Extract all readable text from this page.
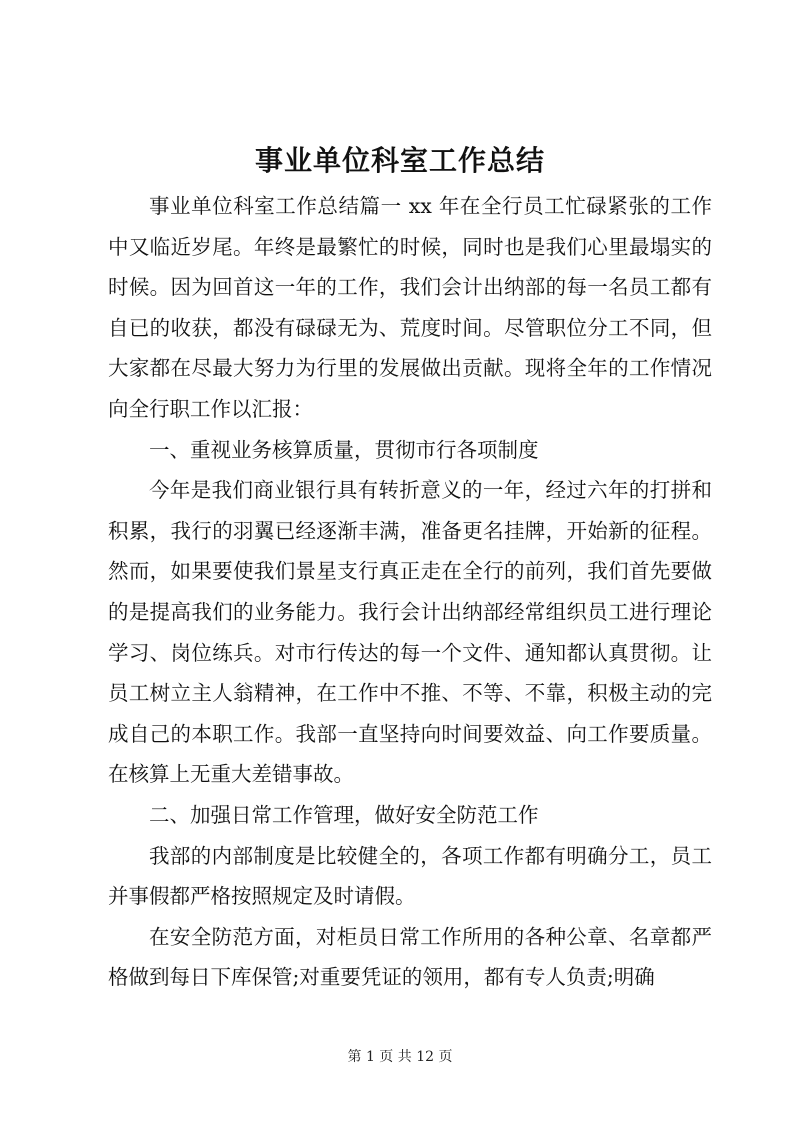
事业单位科室工作总结

事业单位科室工作总结篇一 xx 年在全行员工忙碌紧张的工作中又临近岁尾。年终是最繁忙的时候，同时也是我们心里最塌实的时候。因为回首这一年的工作，我们会计出纳部的每一名员工都有自已的收获，都没有碌碌无为、荒度时间。尽管职位分工不同，但大家都在尽最大努力为行里的发展做出贡献。现将全年的工作情况向全行职工作以汇报：

一、重视业务核算质量，贯彻市行各项制度

今年是我们商业银行具有转折意义的一年，经过六年的打拼和积累，我行的羽翼已经逐渐丰满，准备更名挂牌，开始新的征程。然而，如果要使我们景星支行真正走在全行的前列，我们首先要做的是提高我们的业务能力。我行会计出纳部经常组织员工进行理论学习、岗位练兵。对市行传达的每一个文件、通知都认真贯彻。让员工树立主人翁精神，在工作中不推、不等、不靠，积极主动的完成自己的本职工作。我部一直坚持向时间要效益、向工作要质量。在核算上无重大差错事故。

二、加强日常工作管理，做好安全防范工作

我部的内部制度是比较健全的，各项工作都有明确分工，员工并事假都严格按照规定及时请假。

在安全防范方面，对柜员日常工作所用的各种公章、名章都严格做到每日下库保管;对重要凭证的领用，都有专人负责;明确

第 1 页 共 12 页
